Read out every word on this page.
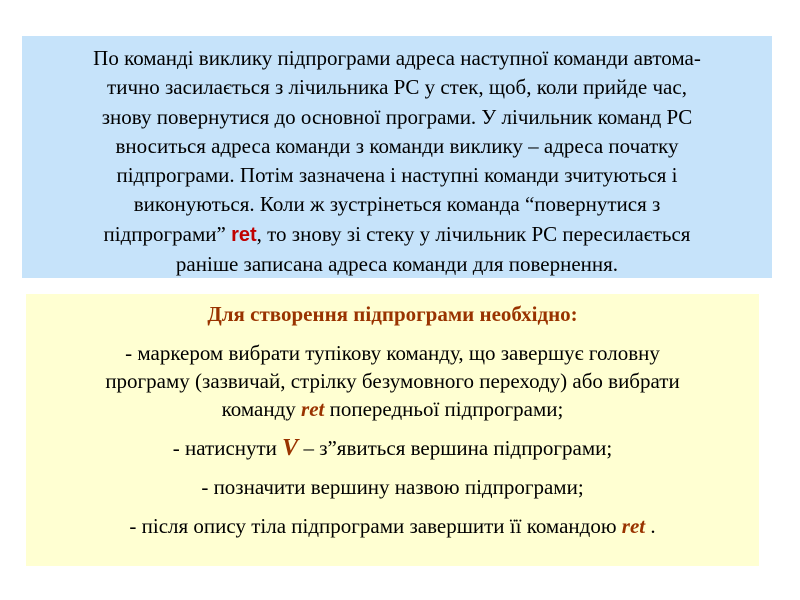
По команді виклику підпрограми адреса наступної команди автома-
тично засилається з лічильника PC у стек, щоб, коли прийде час,
знову повернутися до основної програми. У лічильник команд PC
вноситься адреса команди з команди виклику – адреса початку
підпрограми. Потім зазначена і наступні команди зчитуються і
виконуються. Коли ж зустрінеться команда “повернутися з
підпрограми” ret, то знову зі стеку у лічильник PC пересилається
раніше записана адреса команди для повернення.

Для створення підпрограми необхідно:

- маркером вибрати тупікову команду, що завершує головну
програму (зазвичай, стрілку безумовного переходу) або вибрати
команду ret попередньої підпрограми;

- натиснути V – з”явиться вершина підпрограми;

- позначити вершину назвою підпрограми;

- після опису тіла підпрограми завершити її командою ret .
